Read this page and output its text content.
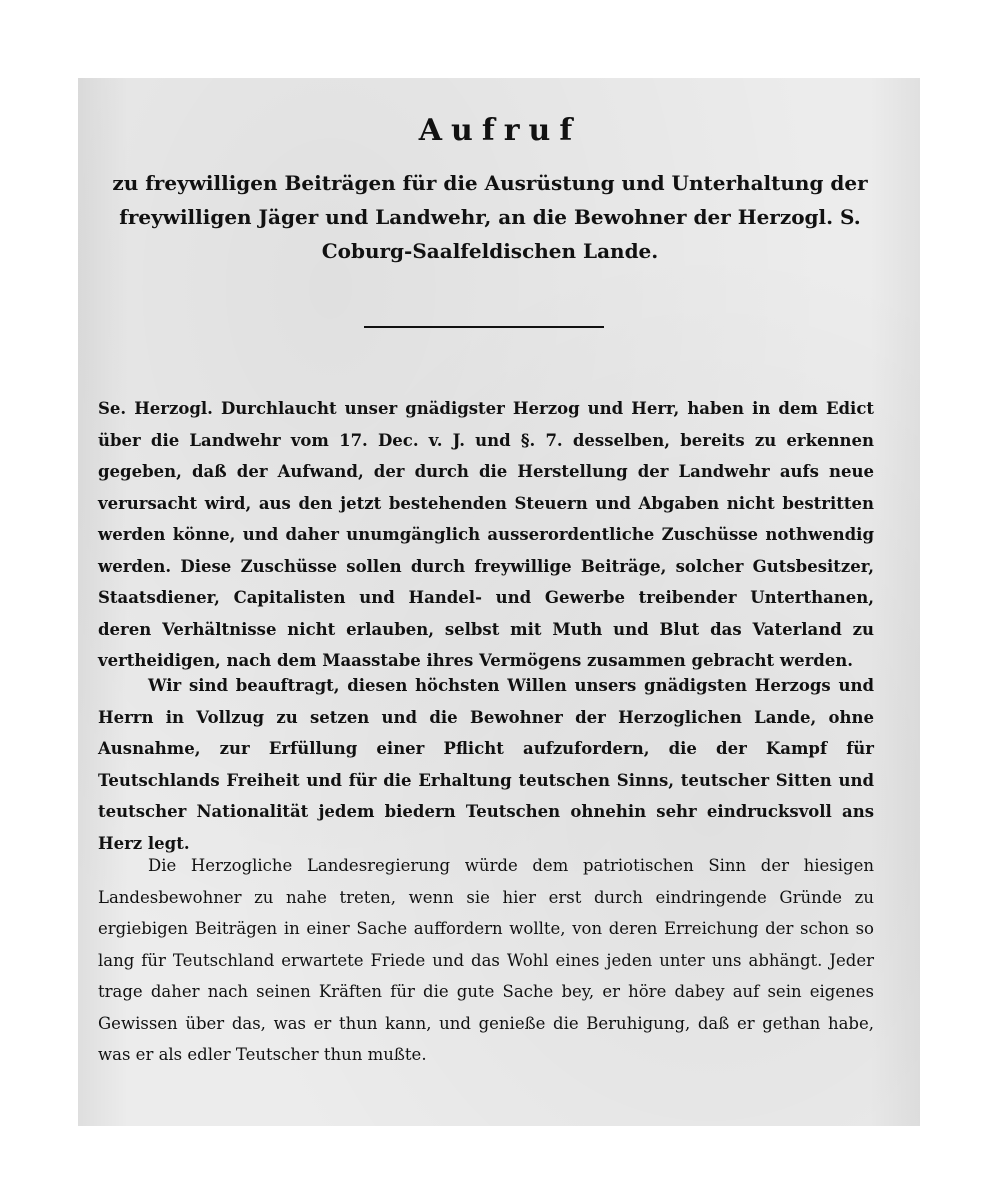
Aufruf
zu freywilligen Beiträgen für die Ausrüstung und Unterhaltung der freywilligen Jäger und Landwehr, an die Bewohner der Herzogl. S. Coburg-Saalfeldischen Lande.

Se. Herzogl. Durchlaucht unser gnädigster Herzog und Herr, haben in dem Edict über die Landwehr vom 17. Dec. v. J. und §. 7. desselben, bereits zu erkennen gegeben, daß der Aufwand, der durch die Herstellung der Landwehr aufs neue verursacht wird, aus den jetzt bestehenden Steuern und Abgaben nicht bestritten werden könne, und daher unumgänglich ausserordentliche Zuschüsse nothwendig werden. Diese Zuschüsse sollen durch freywillige Beiträge, solcher Gutsbesitzer, Staatsdiener, Capitalisten und Handel- und Gewerbe treibender Unterthanen, deren Verhältnisse nicht erlauben, selbst mit Muth und Blut das Vaterland zu vertheidigen, nach dem Maasstabe ihres Vermögens zusammen gebracht werden.

Wir sind beauftragt, diesen höchsten Willen unsers gnädigsten Herzogs und Herrn in Vollzug zu setzen und die Bewohner der Herzoglichen Lande, ohne Ausnahme, zur Erfüllung einer Pflicht aufzufordern, die der Kampf für Teutschlands Freiheit und für die Erhaltung teutschen Sinns, teutscher Sitten und teutscher Nationalität jedem biedern Teutschen ohnehin sehr eindrucksvoll ans Herz legt.

Die Herzogliche Landesregierung würde dem patriotischen Sinn der hiesigen Landesbewohner zu nahe treten, wenn sie hier erst durch eindringende Gründe zu ergiebigen Beiträgen in einer Sache auffordern wollte, von deren Erreichung der schon so lang für Teutschland erwartete Friede und das Wohl eines jeden unter uns abhängt. Jeder trage daher nach seinen Kräften für die gute Sache bey, er höre dabey auf sein eigenes Gewissen über das, was er thun kann, und genieße die Beruhigung, daß er gethan habe, was er als edler Teutscher thun mußte.
